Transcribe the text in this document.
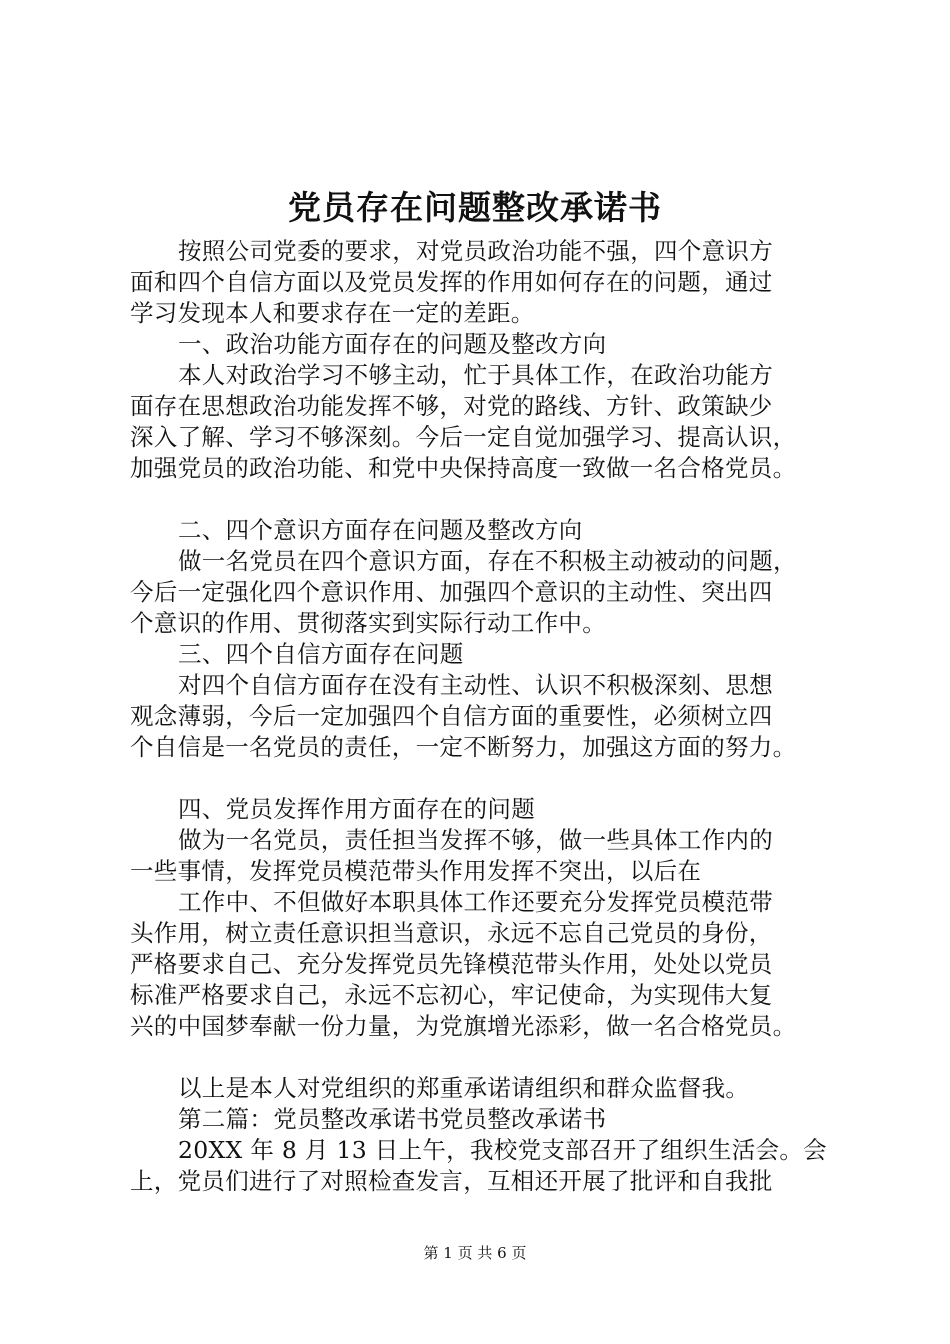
党员存在问题整改承诺书
按照公司党委的要求，对党员政治功能不强，四个意识方
面和四个自信方面以及党员发挥的作用如何存在的问题，通过
学习发现本人和要求存在一定的差距。
一、政治功能方面存在的问题及整改方向
本人对政治学习不够主动，忙于具体工作，在政治功能方
面存在思想政治功能发挥不够，对党的路线、方针、政策缺少
深入了解、学习不够深刻。今后一定自觉加强学习、提高认识，
加强党员的政治功能、和党中央保持高度一致做一名合格党员。
二、四个意识方面存在问题及整改方向
做一名党员在四个意识方面，存在不积极主动被动的问题，
今后一定强化四个意识作用、加强四个意识的主动性、突出四
个意识的作用、贯彻落实到实际行动工作中。
三、四个自信方面存在问题
对四个自信方面存在没有主动性、认识不积极深刻、思想
观念薄弱，今后一定加强四个自信方面的重要性，必须树立四
个自信是一名党员的责任，一定不断努力，加强这方面的努力。
四、党员发挥作用方面存在的问题
做为一名党员，责任担当发挥不够，做一些具体工作内的
一些事情，发挥党员模范带头作用发挥不突出，以后在
工作中、不但做好本职具体工作还要充分发挥党员模范带
头作用，树立责任意识担当意识，永远不忘自己党员的身份，
严格要求自己、充分发挥党员先锋模范带头作用，处处以党员
标准严格要求自己，永远不忘初心，牢记使命，为实现伟大复
兴的中国梦奉献一份力量，为党旗增光添彩，做一名合格党员。
以上是本人对党组织的郑重承诺请组织和群众监督我。
第二篇：党员整改承诺书党员整改承诺书
20XX 年 8 月 13 日上午，我校党支部召开了组织生活会。会
上，党员们进行了对照检查发言，互相还开展了批评和自我批
第 1 页 共 6 页
